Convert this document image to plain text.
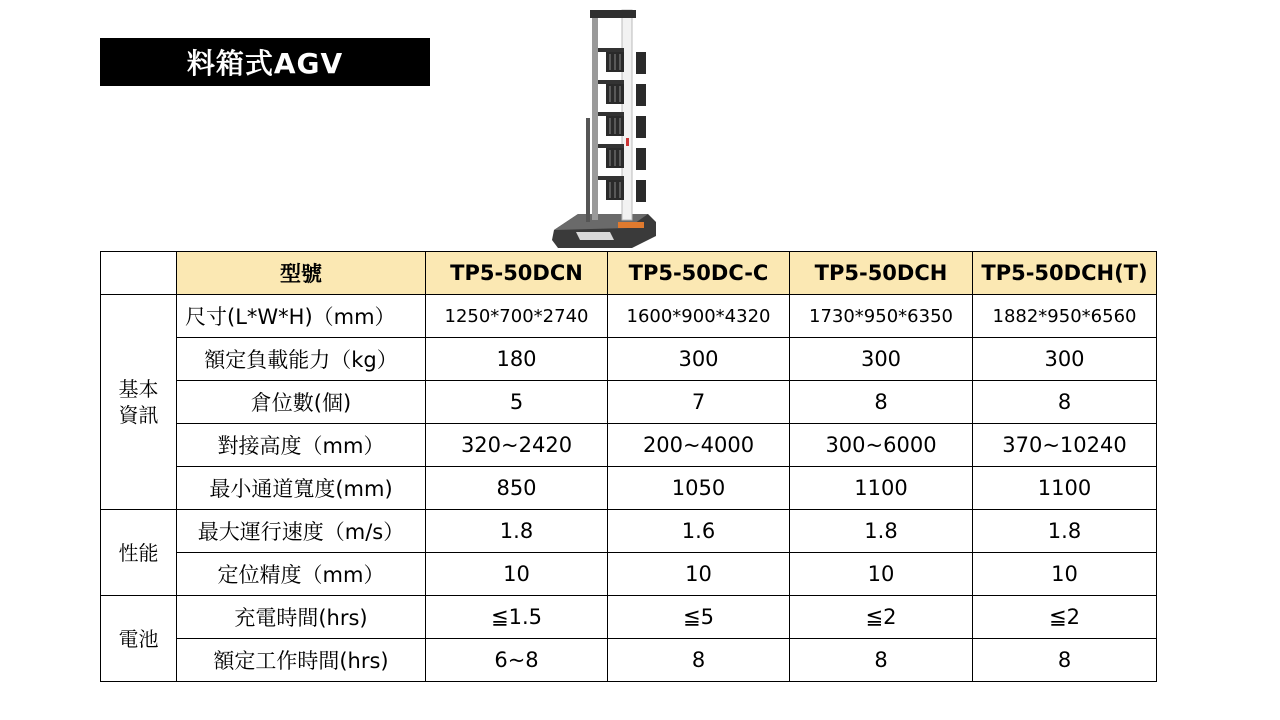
料箱式AGV
	型號	TP5-50DCN	TP5-50DC-C	TP5-50DCH	TP5-50DCH(T)
基本
資訊	尺寸(L*W*H)（mm）	1250*700*2740	1600*900*4320	1730*950*6350	1882*950*6560
	額定負載能力（kg）	180	300	300	300
	倉位數(個)	5	7	8	8
	對接高度（mm）	320~2420	200~4000	300~6000	370~10240
	最小通道寬度(mm)	850	1050	1100	1100
性能	最大運行速度（m/s）	1.8	1.6	1.8	1.8
	定位精度（mm）	10	10	10	10
電池	充電時間(hrs)	≦1.5	≦5	≦2	≦2
	額定工作時間(hrs)	6~8	8	8	8
